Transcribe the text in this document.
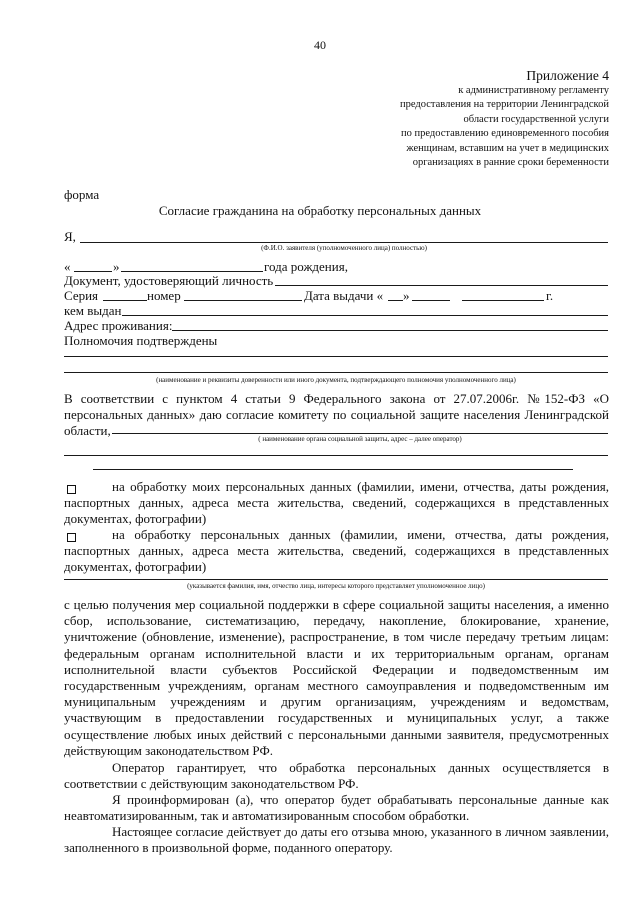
40
Приложение 4
к административному регламенту
предоставления на территории Ленинградской
области государственной услуги
по предоставлению единовременного пособия
женщинам, вставшим на учет в медицинских
организациях в ранние сроки беременности
форма
Согласие гражданина на обработку персональных данных
Я,
(Ф.И.О. заявителя (уполномоченного лица) полностью)
«	»	года рождения,
Документ, удостоверяющий личность
Серия	номер	Дата выдачи « »	г.
кем выдан
Адрес проживания:
Полномочия подтверждены
(наименование и реквизиты доверенности или иного документа, подтверждающего полномочия уполномоченного лица)

В соответствии с пунктом 4 статьи 9 Федерального закона от 27.07.2006г. №152-ФЗ «О персональных данных» даю согласие комитету по социальной защите населения Ленинградской области,

( наименование органа социальной защиты, адрес – далее оператор)

на обработку моих персональных данных (фамилии, имени, отчества, даты рождения, паспортных данных, адреса места жительства, сведений, содержащихся в представленных документах, фотографии)

на обработку персональных данных (фамилии, имени, отчества, даты рождения, паспортных данных, адреса места жительства, сведений, содержащихся в представленных документах, фотографии)

(указывается фамилия, имя, отчество лица, интересы которого представляет уполномоченное лицо)

с целью получения мер социальной поддержки в сфере социальной защиты населения, а именно сбор, использование, систематизацию, передачу, накопление, блокирование, хранение, уничтожение (обновление, изменение), распространение, в том числе передачу третьим лицам: федеральным органам исполнительной власти и их территориальным органам, органам исполнительной власти субъектов Российской Федерации и подведомственным им государственным учреждениям, органам местного самоуправления и подведомственным им муниципальным учреждениям и другим организациям, учреждениям и ведомствам, участвующим в предоставлении государственных и муниципальных услуг, а также осуществление любых иных действий с персональными данными заявителя, предусмотренных действующим законодательством РФ.

Оператор гарантирует, что обработка персональных данных осуществляется в соответствии с действующим законодательством РФ.

Я проинформирован (а), что оператор будет обрабатывать персональные данные как неавтоматизированным, так и автоматизированным способом обработки.

Настоящее согласие действует до даты его отзыва мною, указанного в личном заявлении, заполненного в произвольной форме, поданного оператору.
